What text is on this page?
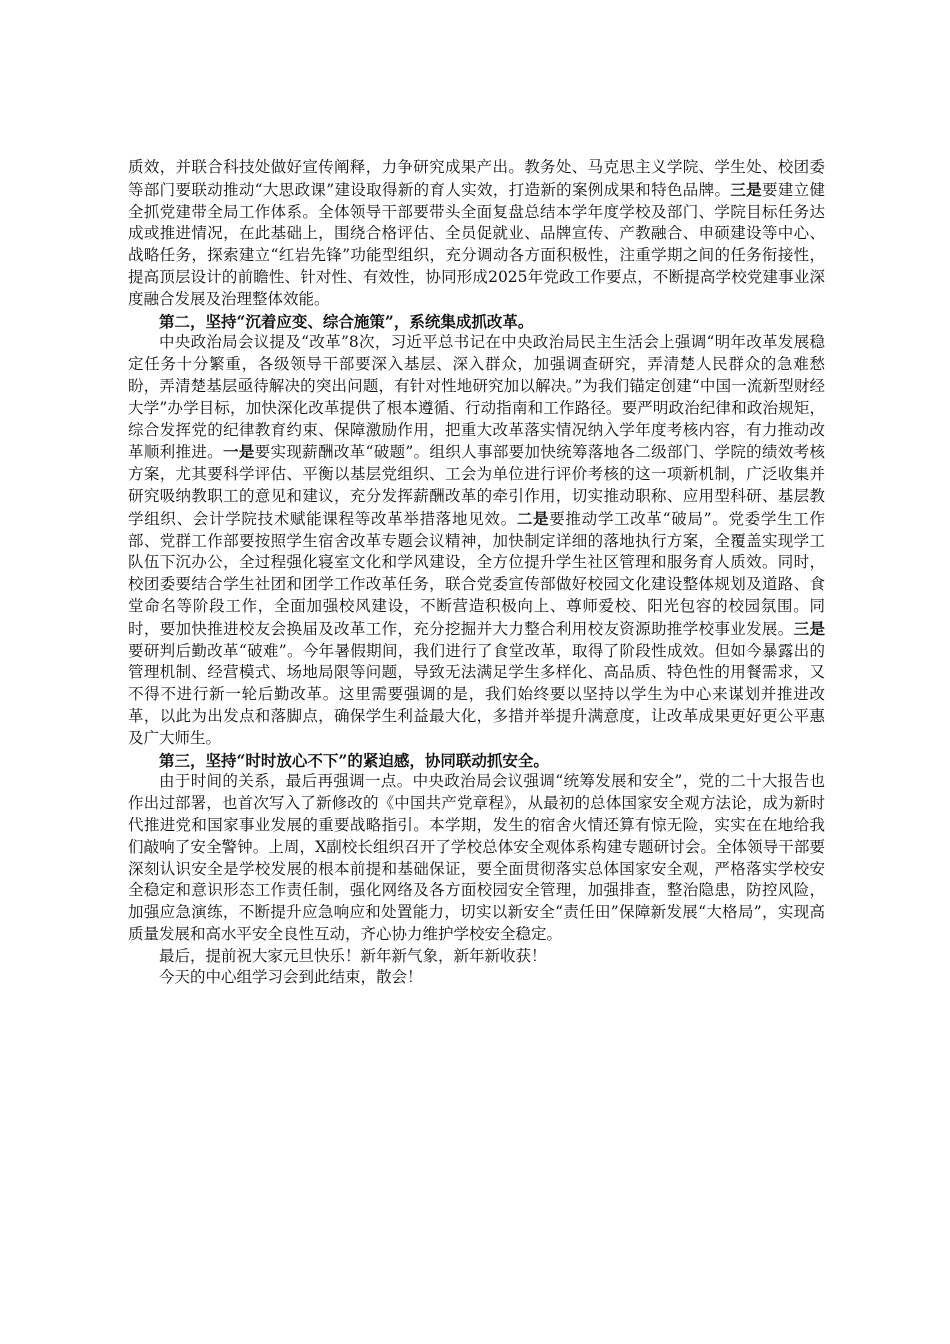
质效，并联合科技处做好宣传阐释，力争研究成果产出。教务处、马克思主义学院、学生处、校团委等部门要联动推动“大思政课”建设取得新的育人实效，打造新的案例成果和特色品牌。三是要建立健全抓党建带全局工作体系。全体领导干部要带头全面复盘总结本学年度学校及部门、学院目标任务达成或推进情况，在此基础上，围绕合格评估、全员促就业、品牌宣传、产教融合、申硕建设等中心、战略任务，探索建立“红岩先锋”功能型组织，充分调动各方面积极性，注重学期之间的任务衔接性，提高顶层设计的前瞻性、针对性、有效性，协同形成2025年党政工作要点，不断提高学校党建事业深度融合发展及治理整体效能。

第二，坚持“沉着应变、综合施策”，系统集成抓改革。

中央政治局会议提及“改革”8次，习近平总书记在中央政治局民主生活会上强调“明年改革发展稳定任务十分繁重，各级领导干部要深入基层、深入群众，加强调查研究，弄清楚人民群众的急难愁盼，弄清楚基层亟待解决的突出问题，有针对性地研究加以解决。”为我们锚定创建“中国一流新型财经大学”办学目标，加快深化改革提供了根本遵循、行动指南和工作路径。要严明政治纪律和政治规矩，综合发挥党的纪律教育约束、保障激励作用，把重大改革落实情况纳入学年度考核内容，有力推动改革顺利推进。一是要实现薪酬改革“破题”。组织人事部要加快统筹落地各二级部门、学院的绩效考核方案，尤其要科学评估、平衡以基层党组织、工会为单位进行评价考核的这一项新机制，广泛收集并研究吸纳教职工的意见和建议，充分发挥薪酬改革的牵引作用，切实推动职称、应用型科研、基层教学组织、会计学院技术赋能课程等改革举措落地见效。二是要推动学工改革“破局”。党委学生工作部、党群工作部要按照学生宿舍改革专题会议精神，加快制定详细的落地执行方案，全覆盖实现学工队伍下沉办公，全过程强化寝室文化和学风建设，全方位提升学生社区管理和服务育人质效。同时，校团委要结合学生社团和团学工作改革任务，联合党委宣传部做好校园文化建设整体规划及道路、食堂命名等阶段工作，全面加强校风建设，不断营造积极向上、尊师爱校、阳光包容的校园氛围。同时，要加快推进校友会换届及改革工作，充分挖掘并大力整合利用校友资源助推学校事业发展。三是要研判后勤改革“破难”。今年暑假期间，我们进行了食堂改革，取得了阶段性成效。但如今暴露出的管理机制、经营模式、场地局限等问题，导致无法满足学生多样化、高品质、特色性的用餐需求，又不得不进行新一轮后勤改革。这里需要强调的是，我们始终要以坚持以学生为中心来谋划并推进改革，以此为出发点和落脚点，确保学生利益最大化，多措并举提升满意度，让改革成果更好更公平惠及广大师生。

第三，坚持“时时放心不下”的紧迫感，协同联动抓安全。

由于时间的关系，最后再强调一点。中央政治局会议强调“统筹发展和安全”，党的二十大报告也作出过部署，也首次写入了新修改的《中国共产党章程》，从最初的总体国家安全观方法论，成为新时代推进党和国家事业发展的重要战略指引。本学期，发生的宿舍火情还算有惊无险，实实在在地给我们敲响了安全警钟。上周，X副校长组织召开了学校总体安全观体系构建专题研讨会。全体领导干部要深刻认识安全是学校发展的根本前提和基础保证，要全面贯彻落实总体国家安全观，严格落实学校安全稳定和意识形态工作责任制，强化网络及各方面校园安全管理，加强排查，整治隐患，防控风险，加强应急演练，不断提升应急响应和处置能力，切实以新安全“责任田”保障新发展“大格局”，实现高质量发展和高水平安全良性互动，齐心协力维护学校安全稳定。

最后，提前祝大家元旦快乐！新年新气象，新年新收获！

今天的中心组学习会到此结束，散会！
